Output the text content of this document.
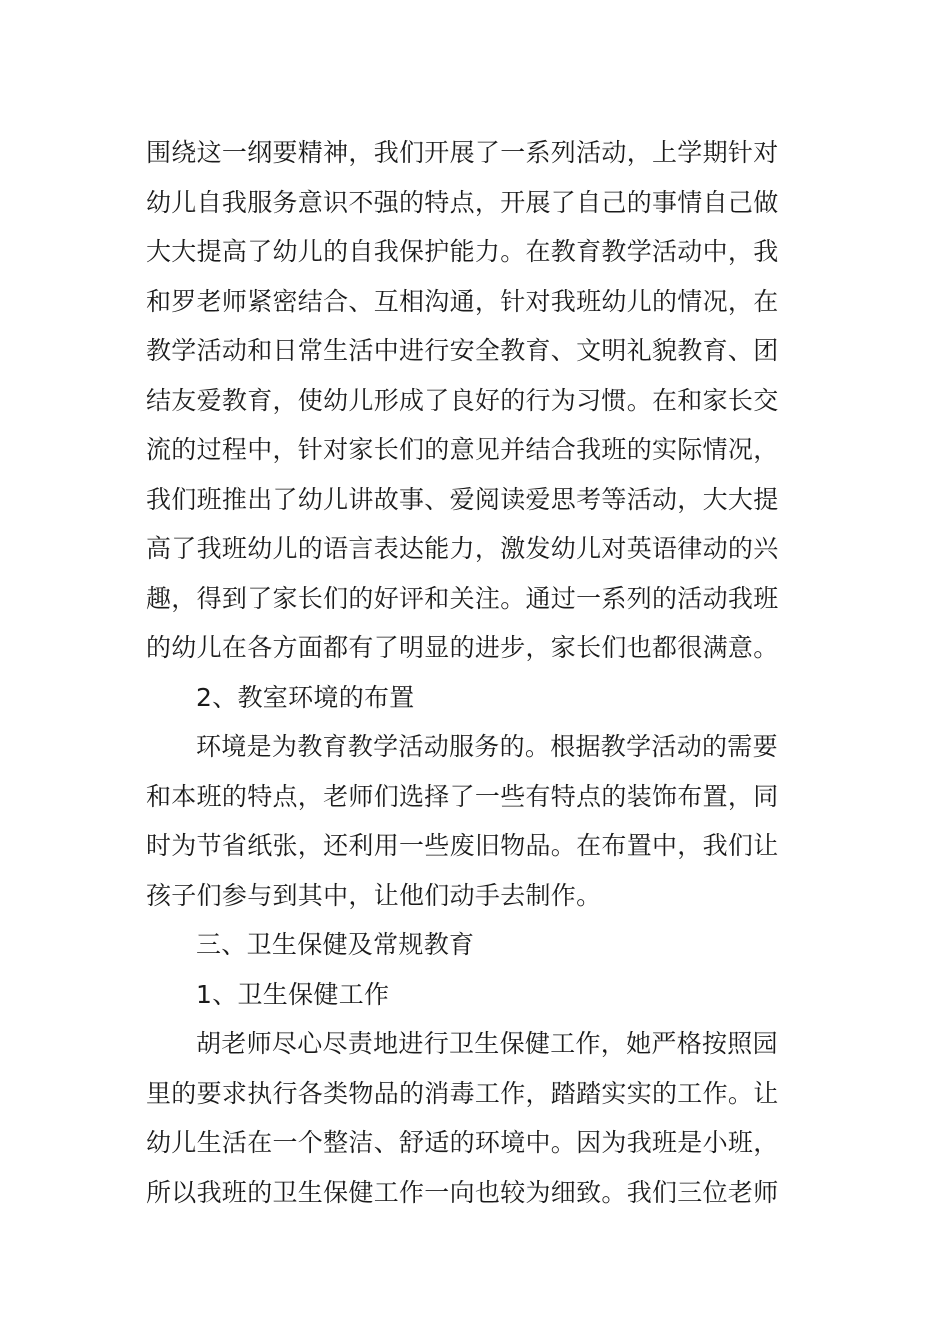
围绕这一纲要精神，我们开展了一系列活动，上学期针对
幼儿自我服务意识不强的特点，开展了自己的事情自己做
大大提高了幼儿的自我保护能力。在教育教学活动中，我
和罗老师紧密结合、互相沟通，针对我班幼儿的情况，在
教学活动和日常生活中进行安全教育、文明礼貌教育、团
结友爱教育，使幼儿形成了良好的行为习惯。在和家长交
流的过程中，针对家长们的意见并结合我班的实际情况，
我们班推出了幼儿讲故事、爱阅读爱思考等活动，大大提
高了我班幼儿的语言表达能力，激发幼儿对英语律动的兴
趣，得到了家长们的好评和关注。通过一系列的活动我班
的幼儿在各方面都有了明显的进步，家长们也都很满意。
2、教室环境的布置
环境是为教育教学活动服务的。根据教学活动的需要
和本班的特点，老师们选择了一些有特点的装饰布置，同
时为节省纸张，还利用一些废旧物品。在布置中，我们让
孩子们参与到其中，让他们动手去制作。
三、卫生保健及常规教育
1、卫生保健工作
胡老师尽心尽责地进行卫生保健工作，她严格按照园
里的要求执行各类物品的消毒工作，踏踏实实的工作。让
幼儿生活在一个整洁、舒适的环境中。因为我班是小班，
所以我班的卫生保健工作一向也较为细致。我们三位老师
